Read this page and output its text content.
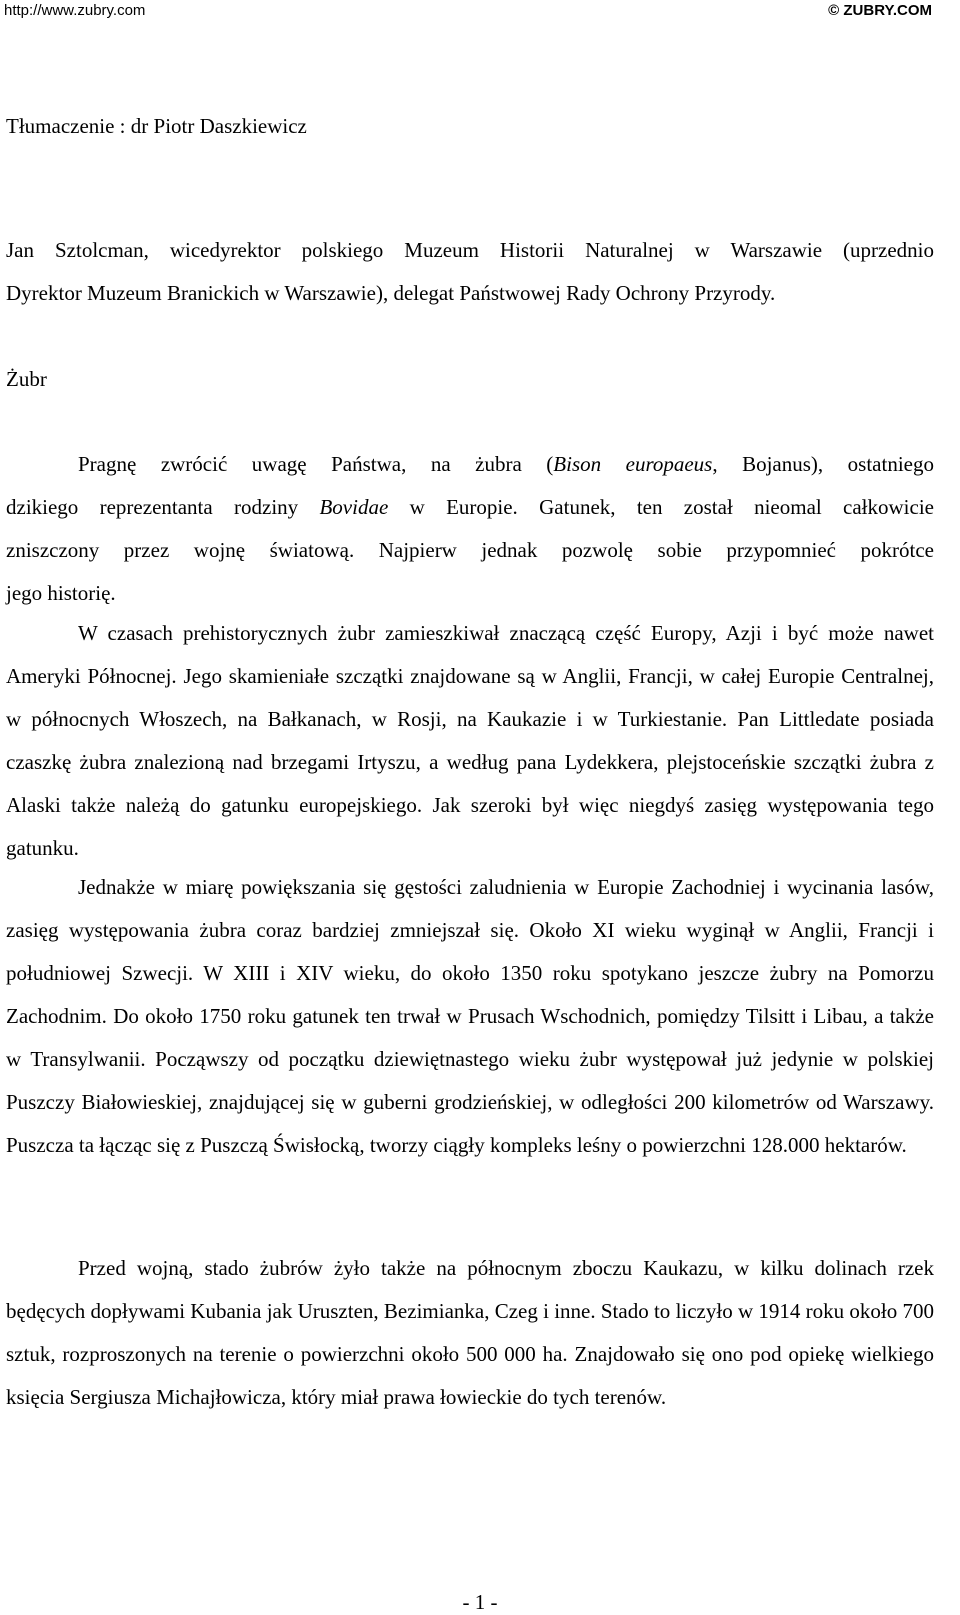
http://www.zubry.com	© ZUBRY.COM

Tłumaczenie : dr Piotr Daszkiewicz

Jan Sztolcman, wicedyrektor polskiego Muzeum Historii Naturalnej w Warszawie (uprzednio

Dyrektor Muzeum Branickich w Warszawie), delegat Państwowej Rady Ochrony Przyrody.

Żubr

Pragnę zwrócić uwagę Państwa, na żubra (Bison europaeus, Bojanus), ostatniego

dzikiego reprezentanta rodziny Bovidae w Europie. Gatunek, ten został nieomal całkowicie

zniszczony przez wojnę światową. Najpierw jednak pozwolę sobie przypomnieć pokrótce

jego historię.

W czasach prehistorycznych żubr zamieszkiwał znaczącą część Europy, Azji i być może nawet Ameryki Północnej. Jego skamieniałe szczątki znajdowane są w Anglii, Francji, w całej Europie Centralnej, w północnych Włoszech, na Bałkanach, w Rosji, na Kaukazie i w Turkiestanie. Pan Littledate posiada czaszkę żubra znalezioną nad brzegami Irtyszu, a według pana Lydekkera, plejstoceńskie szczątki żubra z Alaski także należą do gatunku europejskiego. Jak szeroki był więc niegdyś zasięg występowania tego gatunku.

Jednakże w miarę powiększania się gęstości zaludnienia w Europie Zachodniej i wycinania lasów, zasięg występowania żubra coraz bardziej zmniejszał się. Około XI wieku wyginął w Anglii, Francji i południowej Szwecji. W XIII i XIV wieku, do około 1350 roku spotykano jeszcze żubry na Pomorzu Zachodnim. Do około 1750 roku gatunek ten trwał w Prusach Wschodnich, pomiędzy Tilsitt i Libau, a także w Transylwanii. Począwszy od początku dziewiętnastego wieku żubr występował już jedynie w polskiej Puszczy Białowieskiej, znajdującej się w guberni grodzieńskiej, w odległości 200 kilometrów od Warszawy. Puszcza ta łącząc się z Puszczą Świsłocką, tworzy ciągły kompleks leśny o powierzchni 128.000 hektarów.

Przed wojną, stado żubrów żyło także na północnym zboczu Kaukazu, w kilku dolinach rzek będęcych dopływami Kubania jak Uruszten, Bezimianka, Czeg i inne. Stado to liczyło w 1914 roku około 700 sztuk, rozproszonych na terenie o powierzchni około 500 000 ha. Znajdowało się ono pod opiekę wielkiego księcia Sergiusza Michajłowicza, który miał prawa łowieckie do tych terenów.

- 1 -
